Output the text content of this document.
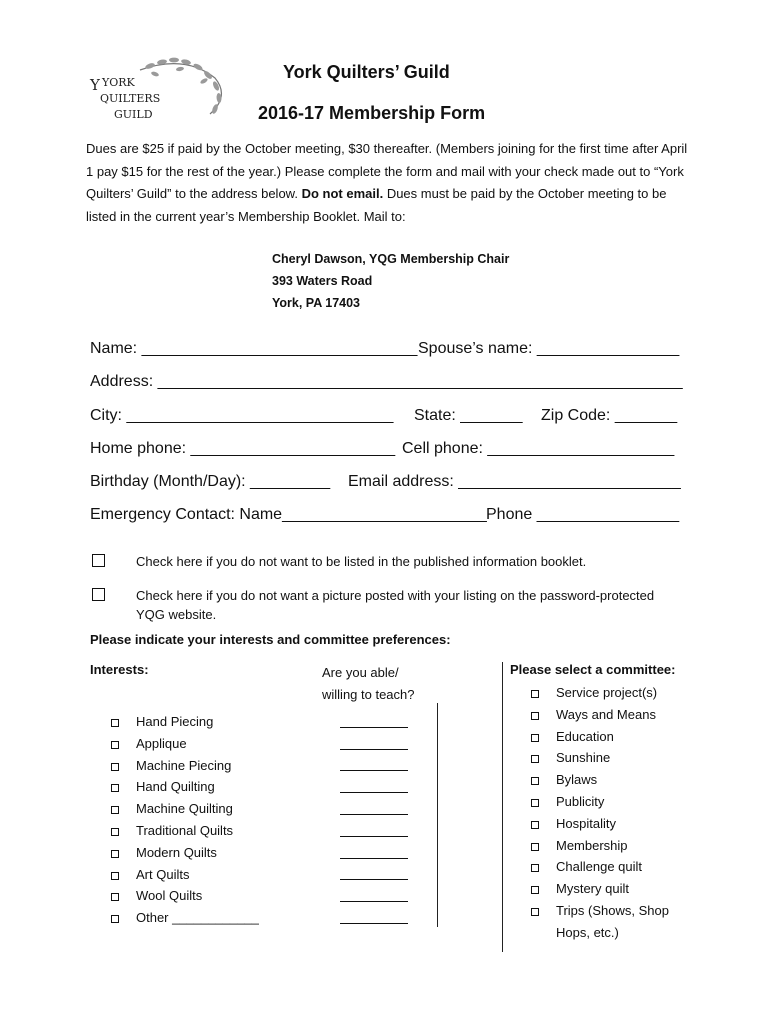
Y YORK
QUILTERS
GUILD
York Quilters’ Guild
2016-17 Membership Form
Dues are $25 if paid by the October meeting, $30 thereafter. (Members joining for the first time after April 1 pay $15 for the rest of the year.) Please complete the form and mail with your check made out to “York Quilters’ Guild” to the address below. Do not email. Dues must be paid by the October meeting to be listed in the current year’s Membership Booklet. Mail to:
Cheryl Dawson, YQG Membership Chair
393 Waters Road
York, PA 17403
Name: _______________________________ Spouse’s name: ________________
Address: ___________________________________________________________
City: ______________________________ State: _______ Zip Code: _______
Home phone: _______________________ Cell phone: _____________________
Birthday (Month/Day): _________ Email address: _________________________
Emergency Contact: Name_______________________ Phone ________________
Check here if you do not want to be listed in the published information booklet.
Check here if you do not want a picture posted with your listing on the password-protected
YQG website.
Please indicate your interests and committee preferences:
Interests:	Are you able/
willing to teach?
Please select a committee:
Hand Piecing
Applique
Machine Piecing
Hand Quilting
Machine Quilting
Traditional Quilts
Modern Quilts
Art Quilts
Wool Quilts
Other ____________
Service project(s)
Ways and Means
Education
Sunshine
Bylaws
Publicity
Hospitality
Membership
Challenge quilt
Mystery quilt
Trips (Shows, Shop
Hops, etc.)
